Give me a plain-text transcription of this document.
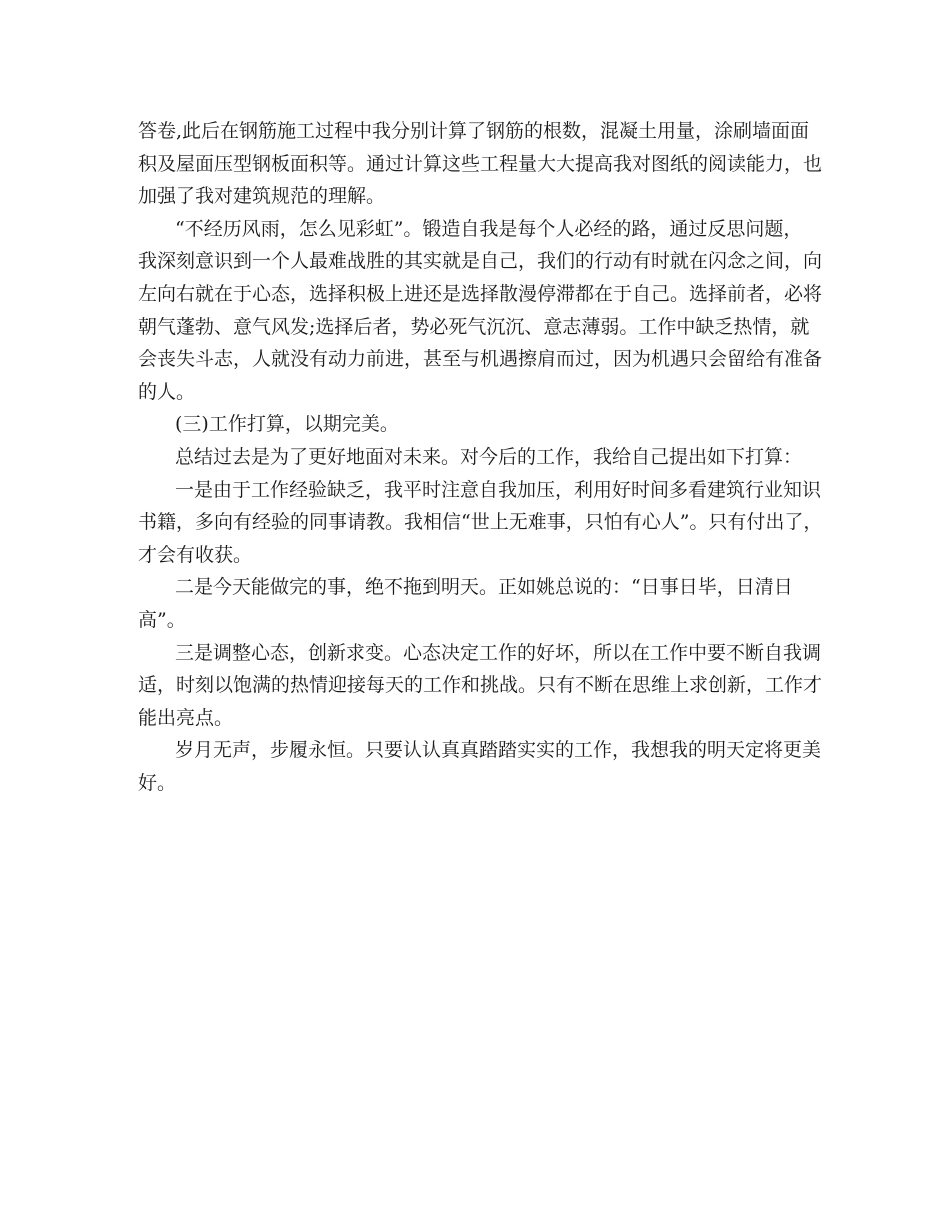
答卷,此后在钢筋施工过程中我分别计算了钢筋的根数，混凝土用量，涂刷墙面面
积及屋面压型钢板面积等。通过计算这些工程量大大提高我对图纸的阅读能力，也
加强了我对建筑规范的理解。
“不经历风雨，怎么见彩虹”。锻造自我是每个人必经的路，通过反思问题，
我深刻意识到一个人最难战胜的其实就是自己，我们的行动有时就在闪念之间，向
左向右就在于心态，选择积极上进还是选择散漫停滞都在于自己。选择前者，必将
朝气蓬勃、意气风发;选择后者，势必死气沉沉、意志薄弱。工作中缺乏热情，就
会丧失斗志，人就没有动力前进，甚至与机遇擦肩而过，因为机遇只会留给有准备
的人。
(三)工作打算，以期完美。
总结过去是为了更好地面对未来。对今后的工作，我给自己提出如下打算：
一是由于工作经验缺乏，我平时注意自我加压，利用好时间多看建筑行业知识
书籍，多向有经验的同事请教。我相信“世上无难事，只怕有心人”。只有付出了，
才会有收获。
二是今天能做完的事，绝不拖到明天。正如姚总说的：“日事日毕，日清日
高”。
三是调整心态，创新求变。心态决定工作的好坏，所以在工作中要不断自我调
适，时刻以饱满的热情迎接每天的工作和挑战。只有不断在思维上求创新，工作才
能出亮点。
岁月无声，步履永恒。只要认认真真踏踏实实的工作，我想我的明天定将更美
好。
